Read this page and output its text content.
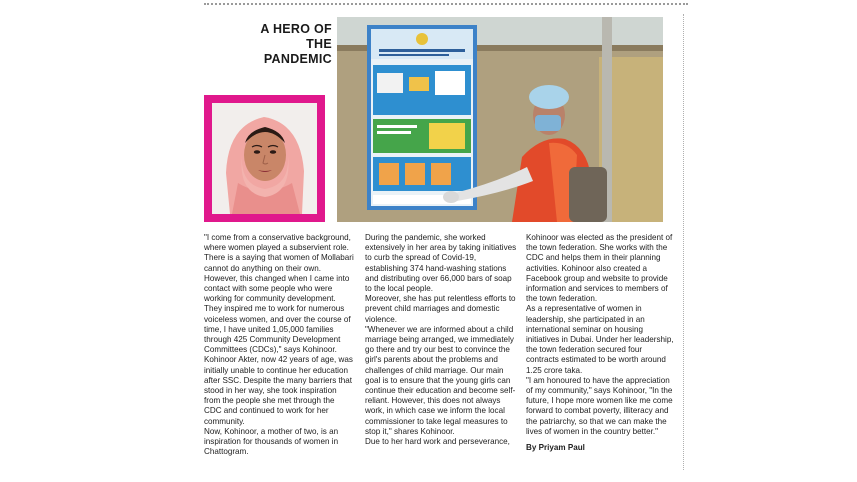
A HERO OF THE
PANDEMIC

"I come from a conservative background, where women played a subservient role. There is a saying that women of Mollabari cannot do anything on their own. However, this changed when I came into contact with some people who were working for community development. They inspired me to work for numerous voiceless women, and over the course of time, I have united 1,05,000 families through 425 Community Development Committees (CDCs)," says Kohinoor.

Kohinoor Akter, now 42 years of age, was initially unable to continue her education after SSC. Despite the many barriers that stood in her way, she took inspiration from the people she met through the CDC and continued to work for her community.

Now, Kohinoor, a mother of two, is an inspiration for thousands of women in Chattogram.

During the pandemic, she worked extensively in her area by taking initiatives to curb the spread of Covid-19, establishing 374 hand-washing stations and distributing over 66,000 bars of soap to the local people.

Moreover, she has put relentless efforts to prevent child marriages and domestic violence.

"Whenever we are informed about a child marriage being arranged, we immediately go there and try our best to convince the girl's parents about the problems and challenges of child marriage. Our main goal is to ensure that the young girls can continue their education and become self-reliant. However, this does not always work, in which case we inform the local commissioner to take legal measures to stop it," shares Kohinoor.

Due to her hard work and perseverance,

Kohinoor was elected as the president of the town federation. She works with the CDC and helps them in their planning activities. Kohinoor also created a Facebook group and website to provide information and services to members of the town federation.

As a representative of women in leadership, she participated in an international seminar on housing initiatives in Dubai. Under her leadership, the town federation secured four contracts estimated to be worth around 1.25 crore taka.

"I am honoured to have the appreciation of my community," says Kohinoor, "In the future, I hope more women like me come forward to combat poverty, illiteracy and the patriarchy, so that we can make the lives of women in the country better."

By Priyam Paul
